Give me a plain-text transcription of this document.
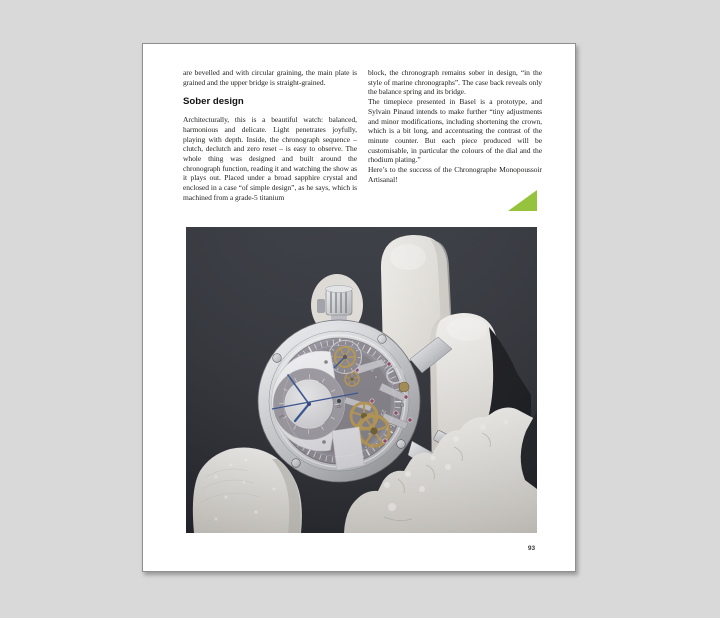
are bevelled and with circular graining, the main plate is grained and the upper bridge is straight-grained.

Sober design

Architecturally, this is a beautiful watch: balanced, harmonious and delicate. Light penetrates joyfully, playing with depth. Inside, the chronograph sequence – clutch, declutch and zero reset – is easy to observe. The whole thing was designed and built around the chronograph function, reading it and watching the show as it plays out. Placed under a broad sapphire crystal and enclosed in a case “of simple design”, as he says, which is machined from a grade-5 titanium

block, the chronograph remains sober in design, “in the style of marine chronographs”. The case back reveals only the balance spring and its bridge.

The timepiece presented in Basel is a prototype, and Sylvain Pinaud intends to make further “tiny adjustments and minor modifications, including shortening the crown, which is a bit long, and accentuating the contrast of the minute counter. But each piece produced will be customisable, in particular the colours of the dial and the rhodium plating.”

Here’s to the success of the Chronographe Monopoussoir Artisanal!

93
